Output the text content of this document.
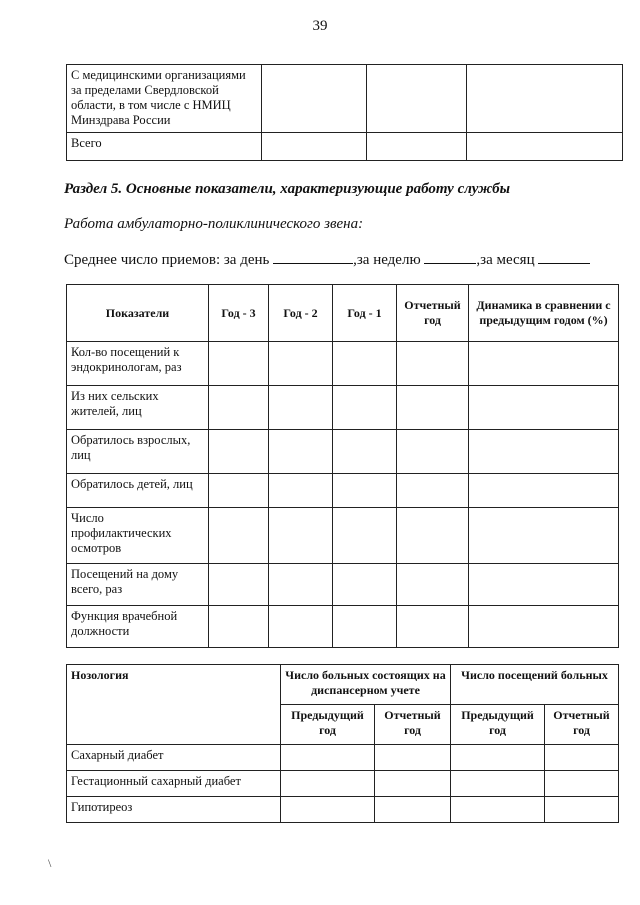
39
С медицинскими организациями за пределами Свердловской области, в том числе с НМИЦ Минздрава России			
Всего			
Раздел 5. Основные показатели, характеризующие работу службы
Работа амбулаторно-поликлинического звена:
Среднее число приемов: за день	,за неделю	,за месяц
Показатели	Год - 3	Год - 2	Год - 1	Отчетный год	Динамика в сравнении с предыдущим годом (%)
Кол-во посещений к эндокринологам, раз					
Из них сельских жителей, лиц					
Обратилось взрослых, лиц					
Обратилось детей, лиц					
Число профилактических осмотров					
Посещений на дому всего, раз					
Функция врачебной должности					
Нозология	Число больных состоящих на диспансерном учете		Число посещений больных	
	Предыдущий год	Отчетный год	Предыдущий год	Отчетный год
Сахарный диабет				
Гестационный сахарный диабет				
Гипотиреоз				
\
